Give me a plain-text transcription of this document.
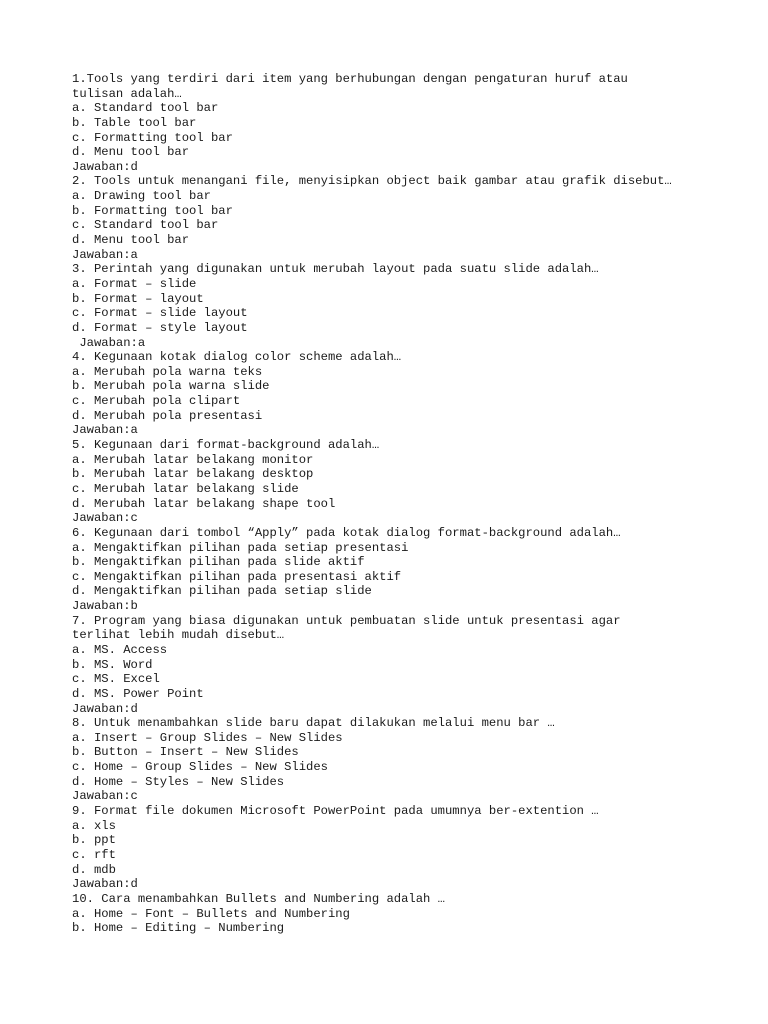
1.Tools yang terdiri dari item yang berhubungan dengan pengaturan huruf atau
tulisan adalah…
a. Standard tool bar
b. Table tool bar
c. Formatting tool bar
d. Menu tool bar
Jawaban:d
2. Tools untuk menangani file, menyisipkan object baik gambar atau grafik disebut…
a. Drawing tool bar
b. Formatting tool bar
c. Standard tool bar
d. Menu tool bar
Jawaban:a
3. Perintah yang digunakan untuk merubah layout pada suatu slide adalah…
a. Format – slide
b. Format – layout
c. Format – slide layout
d. Format – style layout
Jawaban:a
4. Kegunaan kotak dialog color scheme adalah…
a. Merubah pola warna teks
b. Merubah pola warna slide
c. Merubah pola clipart
d. Merubah pola presentasi
Jawaban:a
5. Kegunaan dari format-background adalah…
a. Merubah latar belakang monitor
b. Merubah latar belakang desktop
c. Merubah latar belakang slide
d. Merubah latar belakang shape tool
Jawaban:c
6. Kegunaan dari tombol “Apply” pada kotak dialog format-background adalah…
a. Mengaktifkan pilihan pada setiap presentasi
b. Mengaktifkan pilihan pada slide aktif
c. Mengaktifkan pilihan pada presentasi aktif
d. Mengaktifkan pilihan pada setiap slide
Jawaban:b
7. Program yang biasa digunakan untuk pembuatan slide untuk presentasi agar
terlihat lebih mudah disebut…
a. MS. Access
b. MS. Word
c. MS. Excel
d. MS. Power Point
Jawaban:d
8. Untuk menambahkan slide baru dapat dilakukan melalui menu bar …
a. Insert – Group Slides – New Slides
b. Button – Insert – New Slides
c. Home – Group Slides – New Slides
d. Home – Styles – New Slides
Jawaban:c
9. Format file dokumen Microsoft PowerPoint pada umumnya ber-extention …
a. xls
b. ppt
c. rft
d. mdb
Jawaban:d
10. Cara menambahkan Bullets and Numbering adalah …
a. Home – Font – Bullets and Numbering
b. Home – Editing – Numbering
